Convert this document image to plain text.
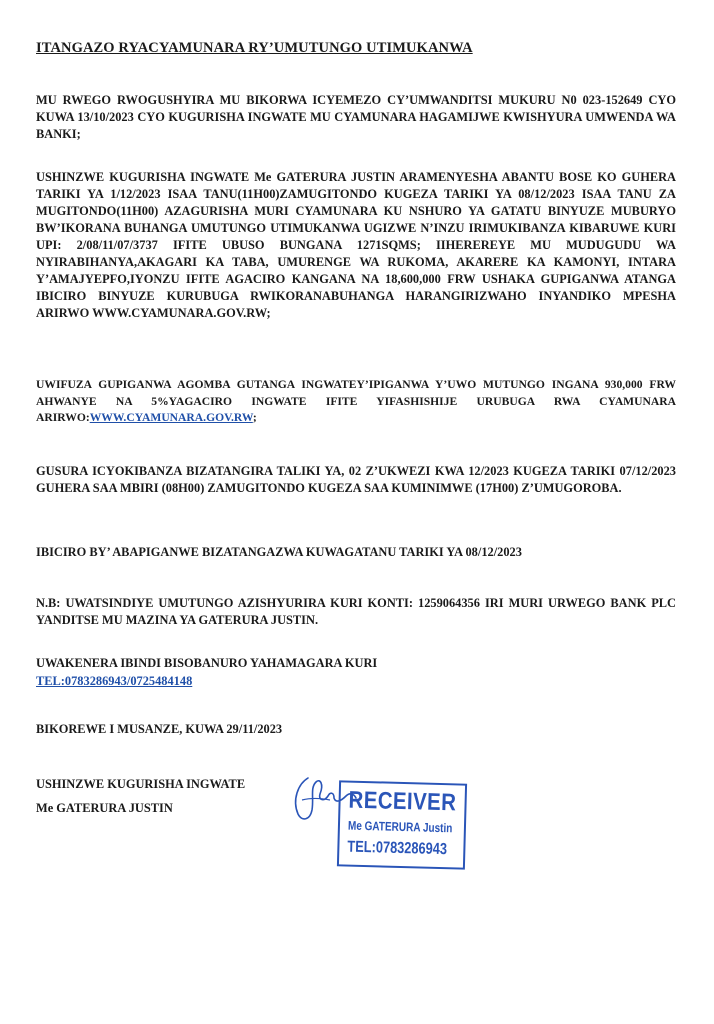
ITANGAZO RYACYAMUNARA RY’UMUTUNGO UTIMUKANWA
MU RWEGO RWOGUSHYIRA MU BIKORWA ICYEMEZO CY’UMWANDITSI MUKURU N0 023-152649 CYO KUWA 13/10/2023 CYO KUGURISHA INGWATE MU CYAMUNARA HAGAMIJWE KWISHYURA UMWENDA WA BANKI;
USHINZWE KUGURISHA INGWATE Me GATERURA JUSTIN ARAMENYESHA ABANTU BOSE KO GUHERA TARIKI YA 1/12/2023 ISAA TANU(11H00)ZAMUGITONDO KUGEZA TARIKI YA 08/12/2023 ISAA TANU ZA MUGITONDO(11H00) AZAGURISHA MURI CYAMUNARA KU NSHURO YA GATATU BINYUZE MUBURYO BW’IKORANA BUHANGA UMUTUNGO UTIMUKANWA UGIZWE N’INZU IRIMUKIBANZA KIBARUWE KURI UPI: 2/08/11/07/3737 IFITE UBUSO BUNGANA 1271SQMS; IIHEREREYE MU MUDUGUDU WA NYIRABIHANYA,AKAGARI KA TABA, UMURENGE WA RUKOMA, AKARERE KA KAMONYI, INTARA Y’AMAJYEPFO,IYONZU IFITE AGACIRO KANGANA NA 18,600,000 FRW USHAKA GUPIGANWA ATANGA IBICIRO BINYUZE KURUBUGA RWIKORANABUHANGA HARANGIRIZWAHO INYANDIKO MPESHA ARIRWO WWW.CYAMUNARA.GOV.RW;
UWIFUZA GUPIGANWA AGOMBA GUTANGA INGWATEY’IPIGANWA Y’UWO MUTUNGO INGANA 930,000 FRW AHWANYE NA 5%YAGACIRO INGWATE IFITE YIFASHISHIJE URUBUGA RWA CYAMUNARA ARIRWO:WWW.CYAMUNARA.GOV.RW;
GUSURA ICYOKIBANZA BIZATANGIRA TALIKI YA, 02 Z’UKWEZI KWA 12/2023 KUGEZA TARIKI 07/12/2023 GUHERA SAA MBIRI (08H00) ZAMUGITONDO KUGEZA SAA KUMINIMWE (17H00) Z’UMUGOROBA.
IBICIRO BY’ ABAPIGANWE BIZATANGAZWA KUWAGATANU TARIKI YA 08/12/2023
N.B: UWATSINDIYE UMUTUNGO AZISHYURIRA KURI KONTI: 1259064356 IRI MURI URWEGO BANK PLC YANDITSE MU MAZINA YA GATERURA JUSTIN.
UWAKENERA IBINDI BISOBANURO YAHAMAGARA KURI
TEL:0783286943/0725484148
BIKOREWE I MUSANZE, KUWA 29/11/2023
USHINZWE KUGURISHA INGWATE
Me GATERURA JUSTIN	RECEIVER
Me GATERURA Justin
TEL:0783286943
